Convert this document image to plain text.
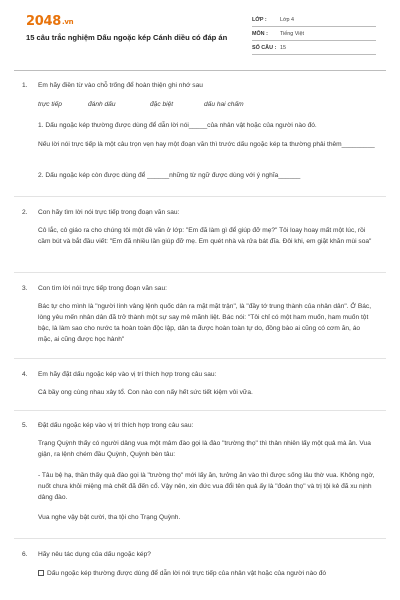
2048.vn
15 câu trắc nghiệm Dấu ngoặc kép Cánh diều có đáp án
LỚP :	Lớp 4
MÔN :	Tiếng Việt
SỐ CÂU : 15
1. Em hãy điền từ vào chỗ trống để hoàn thiện ghi nhớ sau
trực tiếp	đánh dấu	đặc biệt	dấu hai chấm
1. Dấu ngoặc kép thường được dùng để dẫn lời nói_____của nhân vật hoặc của người nào đó.
Nếu lời nói trực tiếp là một câu trọn vẹn hay một đoạn văn thì trước dấu ngoặc kép ta thường phải thêm_________
2. Dấu ngoặc kép còn được dùng để ______những từ ngữ được dùng với ý nghĩa______
2. Con hãy tìm lời nói trực tiếp trong đoạn văn sau:
Cô lắc, cô giáo ra cho chúng tôi một đề văn ở lớp: "Em đã làm gì để giúp đỡ mẹ?" Tôi loay hoay mất một lúc, rồi cầm bút và bắt đầu viết: "Em đã nhiều lần giúp đỡ mẹ. Em quét nhà và rửa bát đĩa. Đôi khi, em giặt khăn mùi soa"
3. Con tìm lời nói trực tiếp trong đoạn văn sau:
Bác tự cho mình là "người lính vâng lệnh quốc dân ra mặt mặt trận", là "đầy tớ trung thành của nhân dân". Ở Bác, lòng yêu mến nhân dân đã trở thành một sự say mê mãnh liệt. Bác nói: "Tôi chỉ có một ham muốn, ham muốn tột bậc, là làm sao cho nước ta hoàn toàn độc lập, dân ta được hoàn toàn tự do, đồng bào ai cũng có cơm ăn, áo mặc, ai cũng được học hành"
4. Em hãy đặt dấu ngoặc kép vào vị trí thích hợp trong câu sau:
Cả bầy ong cùng nhau xây tổ. Con nào con nấy hết sức tiết kiệm vôi vữa.
5. Đặt dấu ngoặc kép vào vị trí thích hợp trong câu sau:
Trạng Quỳnh thấy có người dâng vua một mâm đào gọi là đào "trường thọ" thì thản nhiên lấy một quả mà ăn. Vua giận, ra lệnh chém đầu Quỳnh, Quỳnh bèn tâu:
- Tâu bệ hạ, thần thấy quả đào gọi là "trường thọ" mới lấy ăn, tưởng ăn vào thì được sống lâu thờ vua. Không ngờ, nuốt chưa khỏi miệng mà chết đã đến cổ. Vậy nên, xin đức vua đổi tên quả ấy là "đoản thọ" và trị tội kẻ đã xu nịnh dâng đào.
Vua nghe vậy bật cười, tha tội cho Trạng Quỳnh.
6. Hãy nêu tác dụng của dấu ngoặc kép?
Dấu ngoặc kép thường được dùng để dẫn lời nói trực tiếp của nhân vật hoặc của người nào đó
